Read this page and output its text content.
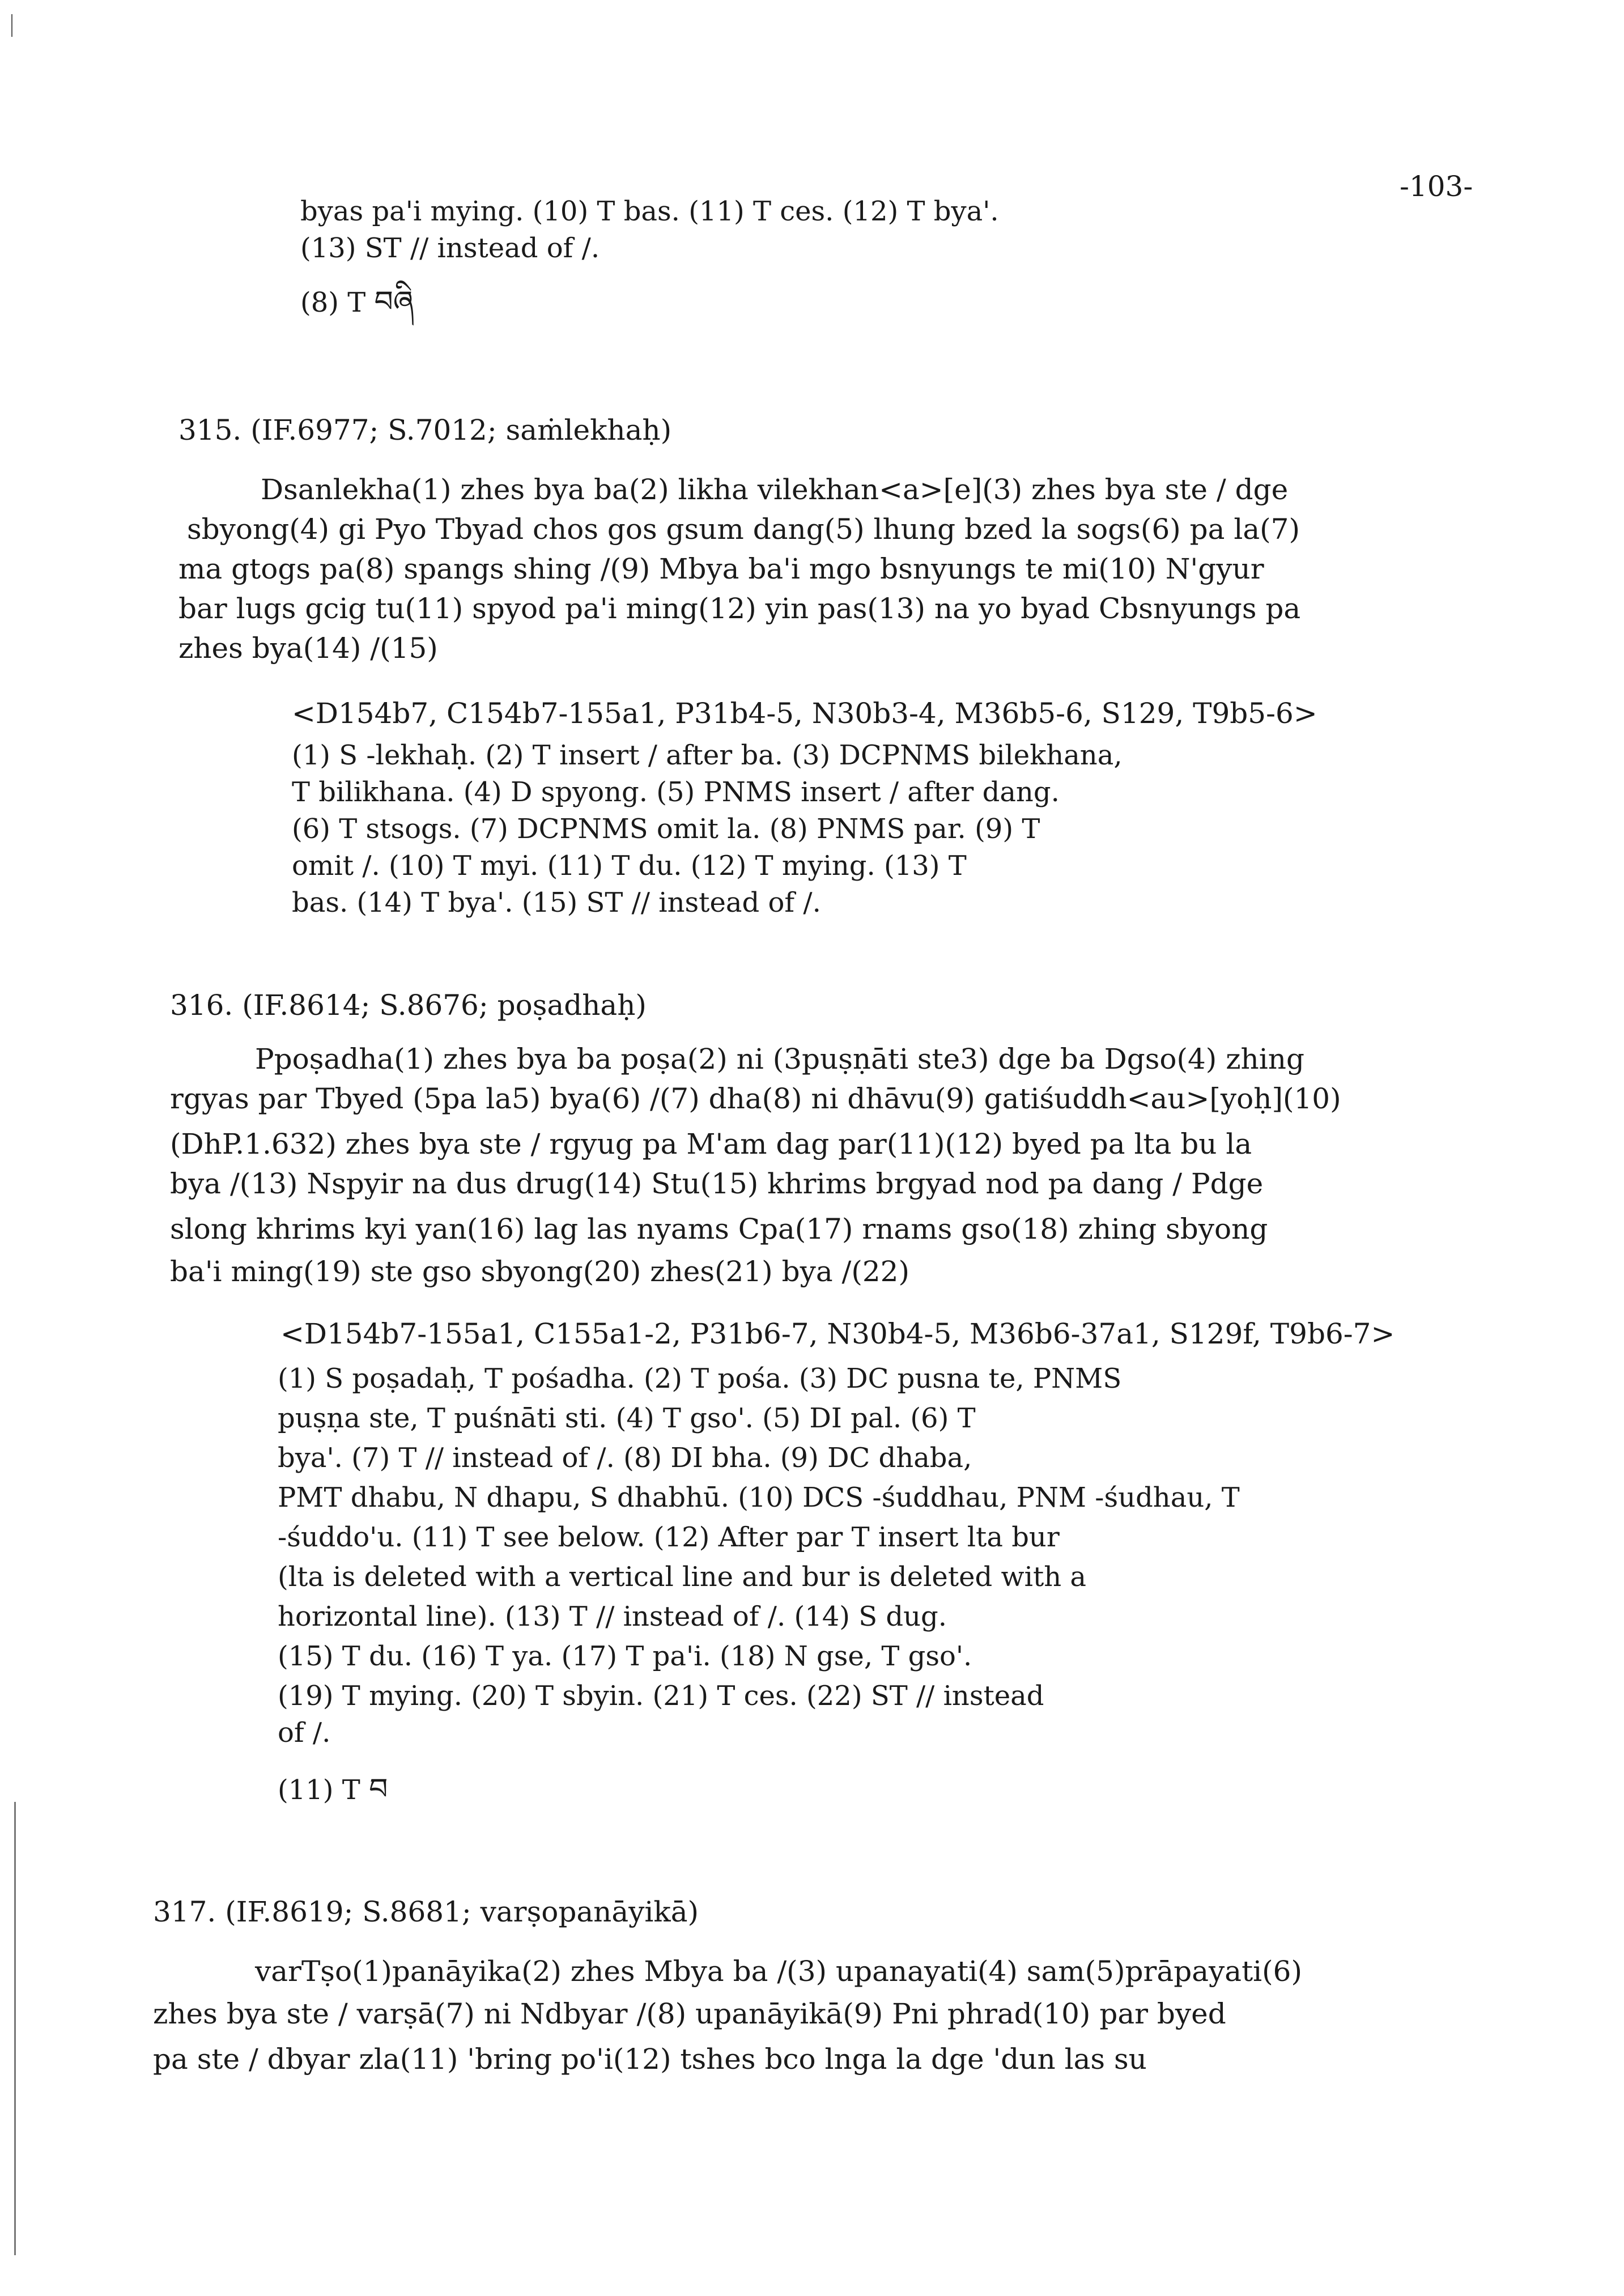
-103-
byas pa'i mying. (10) T bas. (11) T ces. (12) T bya'.
(13) ST // instead of /.
(8) T བཞི
315. (IF.6977; S.7012; saṁlekhaḥ)
Dsanlekha(1) zhes bya ba(2) likha vilekhan<a>[e](3) zhes bya ste / dge
sbyong(4) gi Pyo Tbyad chos gos gsum dang(5) lhung bzed la sogs(6) pa la(7)
ma gtogs pa(8) spangs shing /(9) Mbya ba'i mgo bsnyungs te mi(10) N'gyur
bar lugs gcig tu(11) spyod pa'i ming(12) yin pas(13) na yo byad Cbsnyungs pa
zhes bya(14) /(15)
<D154b7, C154b7-155a1, P31b4-5, N30b3-4, M36b5-6, S129, T9b5-6>
(1) S -lekhaḥ. (2) T insert / after ba. (3) DCPNMS bilekhana,
T bilikhana. (4) D spyong. (5) PNMS insert / after dang.
(6) T stsogs. (7) DCPNMS omit la. (8) PNMS par. (9) T
omit /. (10) T myi. (11) T du. (12) T mying. (13) T
bas. (14) T bya'. (15) ST // instead of /.
316. (IF.8614; S.8676; poṣadhaḥ)
Ppoṣadha(1) zhes bya ba poṣa(2) ni (3puṣṇāti ste3) dge ba Dgso(4) zhing
rgyas par Tbyed (5pa la5) bya(6) /(7) dha(8) ni dhāvu(9) gatiśuddh<au>[yoḥ](10)
(DhP.1.632) zhes bya ste / rgyug pa M'am dag par(11)(12) byed pa lta bu la
bya /(13) Nspyir na dus drug(14) Stu(15) khrims brgyad nod pa dang / Pdge
slong khrims kyi yan(16) lag las nyams Cpa(17) rnams gso(18) zhing sbyong
ba'i ming(19) ste gso sbyong(20) zhes(21) bya /(22)
<D154b7-155a1, C155a1-2, P31b6-7, N30b4-5, M36b6-37a1, S129f, T9b6-7>
(1) S poṣadaḥ, T pośadha. (2) T pośa. (3) DC pusna te, PNMS
puṣṇa ste, T puśnāti sti. (4) T gso'. (5) DI pal. (6) T
bya'. (7) T // instead of /. (8) DI bha. (9) DC dhaba,
PMT dhabu, N dhapu, S dhabhū. (10) DCS -śuddhau, PNM -śudhau, T
-śuddo'u. (11) T see below. (12) After par T insert lta bur
(lta is deleted with a vertical line and bur is deleted with a
horizontal line). (13) T // instead of /. (14) S dug.
(15) T du. (16) T ya. (17) T pa'i. (18) N gse, T gso'.
(19) T mying. (20) T sbyin. (21) T ces. (22) ST // instead
of /.
(11) T བ
317. (IF.8619; S.8681; varṣopanāyikā)
varTṣo(1)panāyika(2) zhes Mbya ba /(3) upanayati(4) sam(5)prāpayati(6)
zhes bya ste / varṣā(7) ni Ndbyar /(8) upanāyikā(9) Pni phrad(10) par byed
pa ste / dbyar zla(11) 'bring po'i(12) tshes bco lnga la dge 'dun las su
